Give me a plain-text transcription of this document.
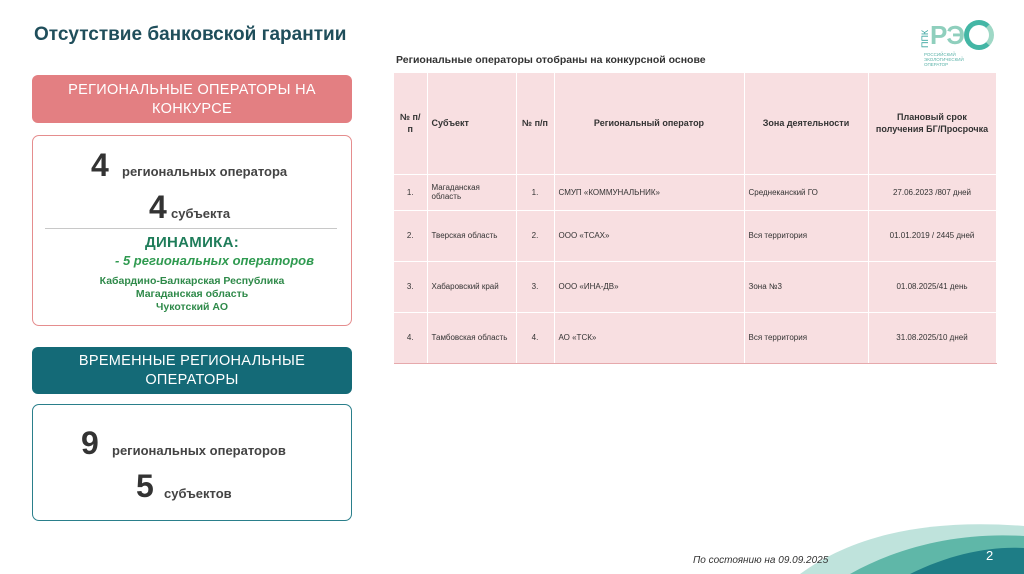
Отсутствие банковской гарантии	ППК РЭ
РОССИЙСКИЙ ЭКОЛОГИЧЕСКИЙ ОПЕРАТОР
РЕГИОНАЛЬНЫЕ ОПЕРАТОРЫ НА КОНКУРСЕ
4 региональных оператора
4 субъекта
ДИНАМИКА:
- 5 региональных операторов
Кабардино-Балкарская Республика
Магаданская область
Чукотский АО
ВРЕМЕННЫЕ РЕГИОНАЛЬНЫЕ ОПЕРАТОРЫ
9 региональных операторов
5 субъектов
Региональные операторы отобраны на конкурсной основе
№ п/п	Субъект	№ п/п	Региональный оператор	Зона деятельности	Плановый срок получения БГ/Просрочка
1.	Магаданская область	1.	СМУП «КОММУНАЛЬНИК»	Среднеканский ГО	27.06.2023 /807 дней
2.	Тверская область	2.	ООО «ТСАХ»	Вся территория	01.01.2019 / 2445 дней
3.	Хабаровский край	3.	ООО «ИНА-ДВ»	Зона №3	01.08.2025/41 день
4.	Тамбовская область	4.	АО «ТСК»	Вся территория	31.08.2025/10 дней
По состоянию на 09.09.2025	2
